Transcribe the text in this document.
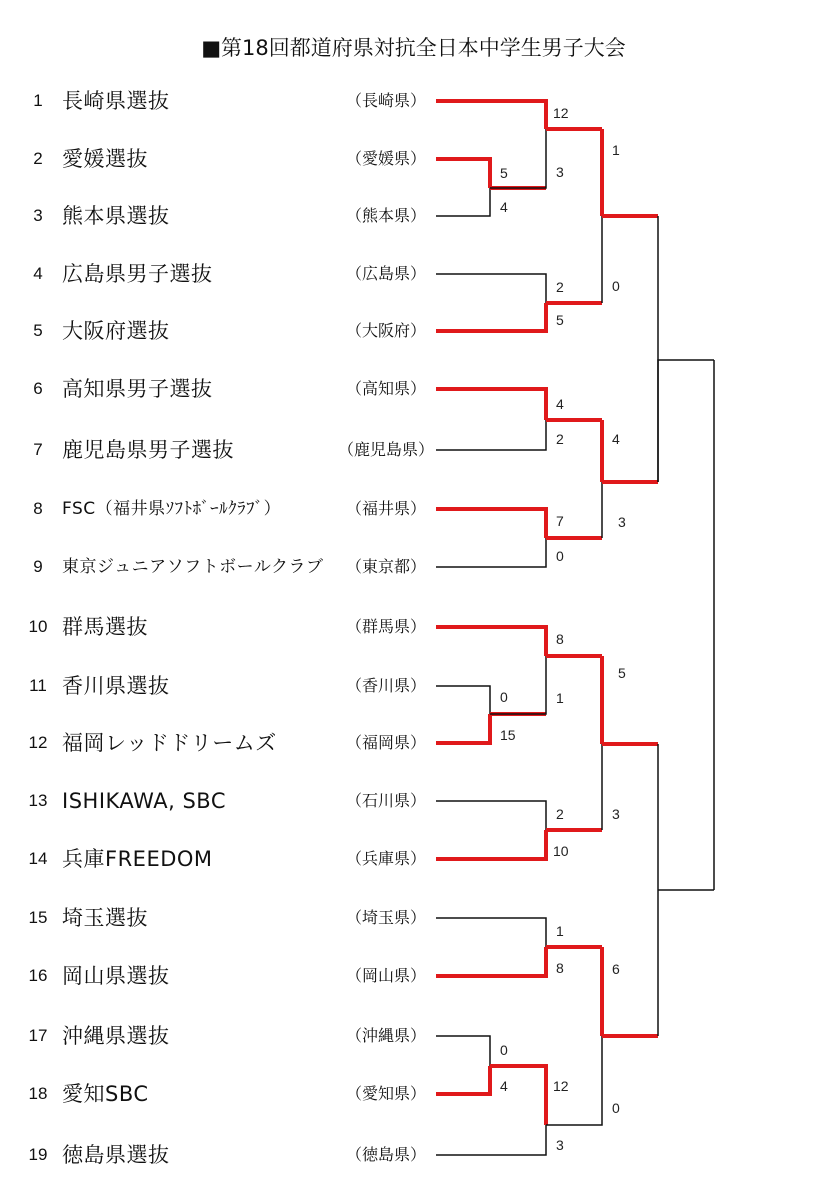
■第18回都道府県対抗全日本中学生男子大会
1 長崎県選抜	（長崎県）
2 愛媛選抜	（愛媛県）
3 熊本県選抜	（熊本県）
4 広島県男子選抜	（広島県）
5 大阪府選抜	（大阪府）
6 高知県男子選抜	（高知県）
7 鹿児島県男子選抜	（鹿児島県）
8	FSC（福井県ｿﾌﾄﾎﾞｰﾙｸﾗﾌﾞ）	（福井県）
9	東京ジュニアソフトボールクラブ	（東京都）
10 群馬選抜	（群馬県）
11 香川県選抜	（香川県）
12 福岡レッドドリームズ	（福岡県）
13 ISHIKAWA, SBC	（石川県）
14 兵庫FREEDOM	（兵庫県）
15 埼玉選抜	（埼玉県）
16 岡山県選抜	（岡山県）
17 沖縄県選抜	（沖縄県）
18 愛知SBC	（愛知県）
19 徳島県選抜	（徳島県）
5
4
0
15
0
4
12
3
2
5
4
2
7
0
8
1
2
10
1
8
12
3
1
0
4
3
5
3
6
0
